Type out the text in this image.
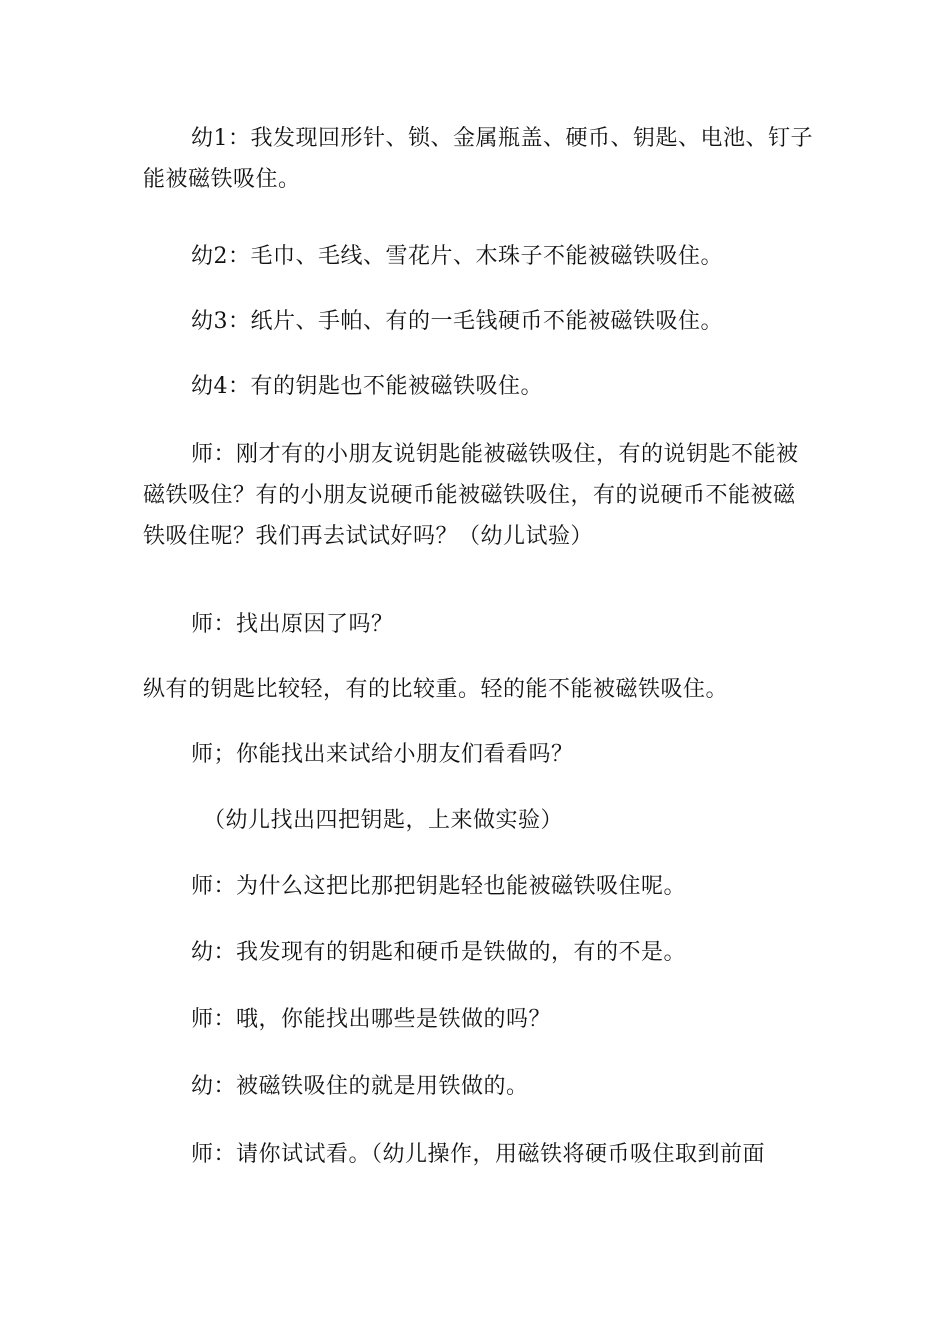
幼1：我发现回形针、锁、金属瓶盖、硬币、钥匙、电池、钉子能被磁铁吸住。

幼2：毛巾、毛线、雪花片、木珠子不能被磁铁吸住。

幼3：纸片、手帕、有的一毛钱硬币不能被磁铁吸住。

幼4：有的钥匙也不能被磁铁吸住。

师：刚才有的小朋友说钥匙能被磁铁吸住，有的说钥匙不能被磁铁吸住？有的小朋友说硬币能被磁铁吸住，有的说硬币不能被磁铁吸住呢？我们再去试试好吗？（幼儿试验）

师：找出原因了吗？

纵有的钥匙比较轻，有的比较重。轻的能不能被磁铁吸住。

师；你能找出来试给小朋友们看看吗？

（幼儿找出四把钥匙，上来做实验）

师：为什么这把比那把钥匙轻也能被磁铁吸住呢。

幼：我发现有的钥匙和硬币是铁做的，有的不是。

师：哦，你能找出哪些是铁做的吗？

幼：被磁铁吸住的就是用铁做的。

师：请你试试看。（幼儿操作，用磁铁将硬币吸住取到前面
